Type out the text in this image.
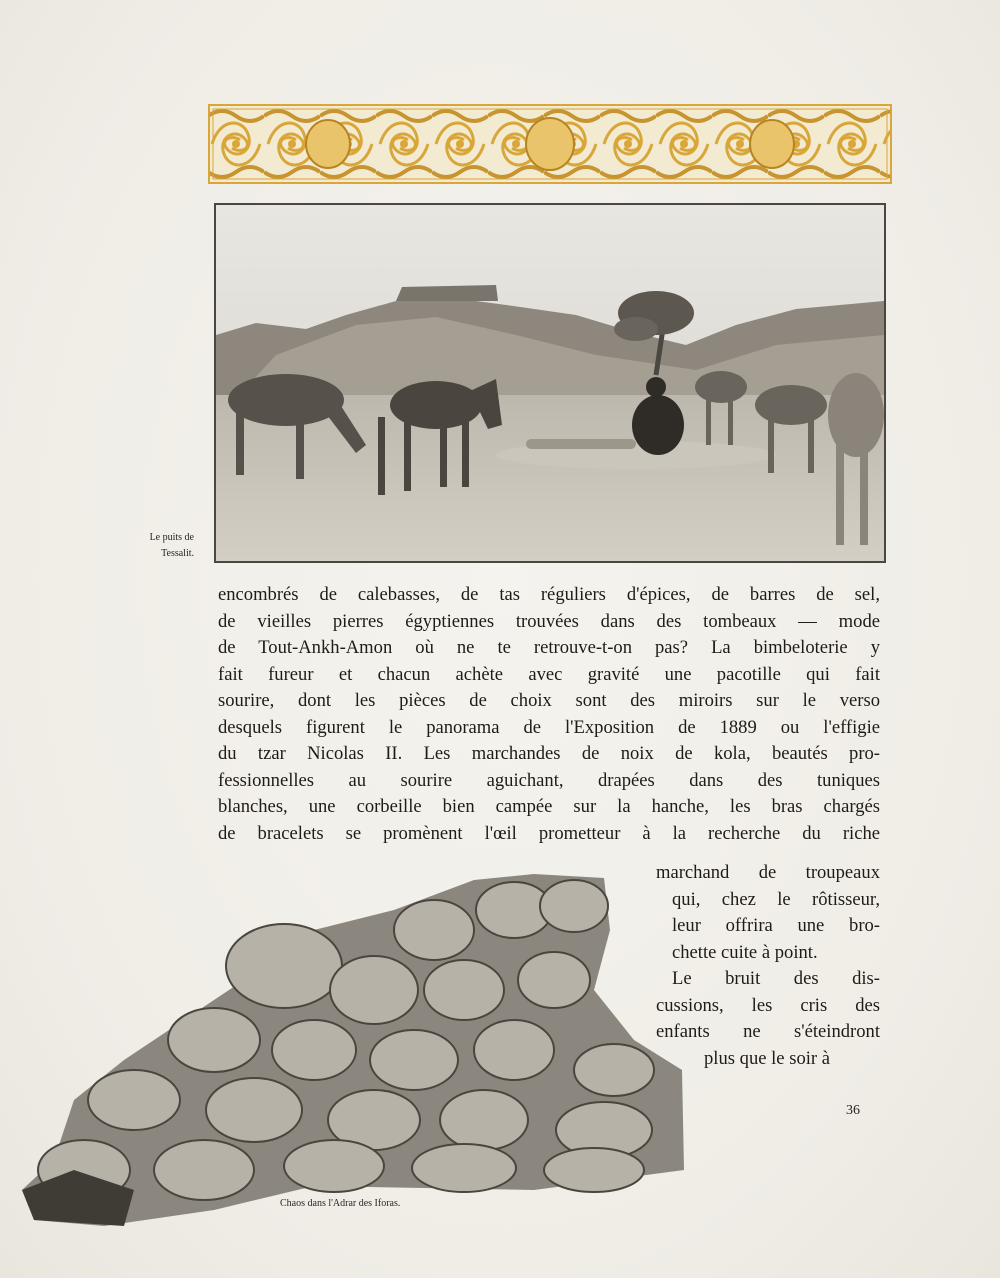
Le puits de
Tessalit.
encombrés de calebasses, de tas réguliers d'épices, de barres de sel,
de vieilles pierres égyptiennes trouvées dans des tombeaux — mode
de Tout-Ankh-Amon où ne te retrouve-t-on pas? La bimbeloterie y
fait fureur et chacun achète avec gravité une pacotille qui fait
sourire, dont les pièces de choix sont des miroirs sur le verso
desquels figurent le panorama de l'Exposition de 1889 ou l'effigie
du tzar Nicolas II. Les marchandes de noix de kola, beautés pro-
fessionnelles au sourire aguichant, drapées dans des tuniques
blanches, une corbeille bien campée sur la hanche, les bras chargés
de bracelets se promènent l'œil prometteur à la recherche du riche
marchand de troupeaux
qui, chez le rôtisseur,
leur offrira une bro-
chette cuite à point.
Le bruit des dis-
cussions, les cris des
enfants ne s'éteindront
plus que le soir à
Chaos dans l'Adrar des Iforas.
36
